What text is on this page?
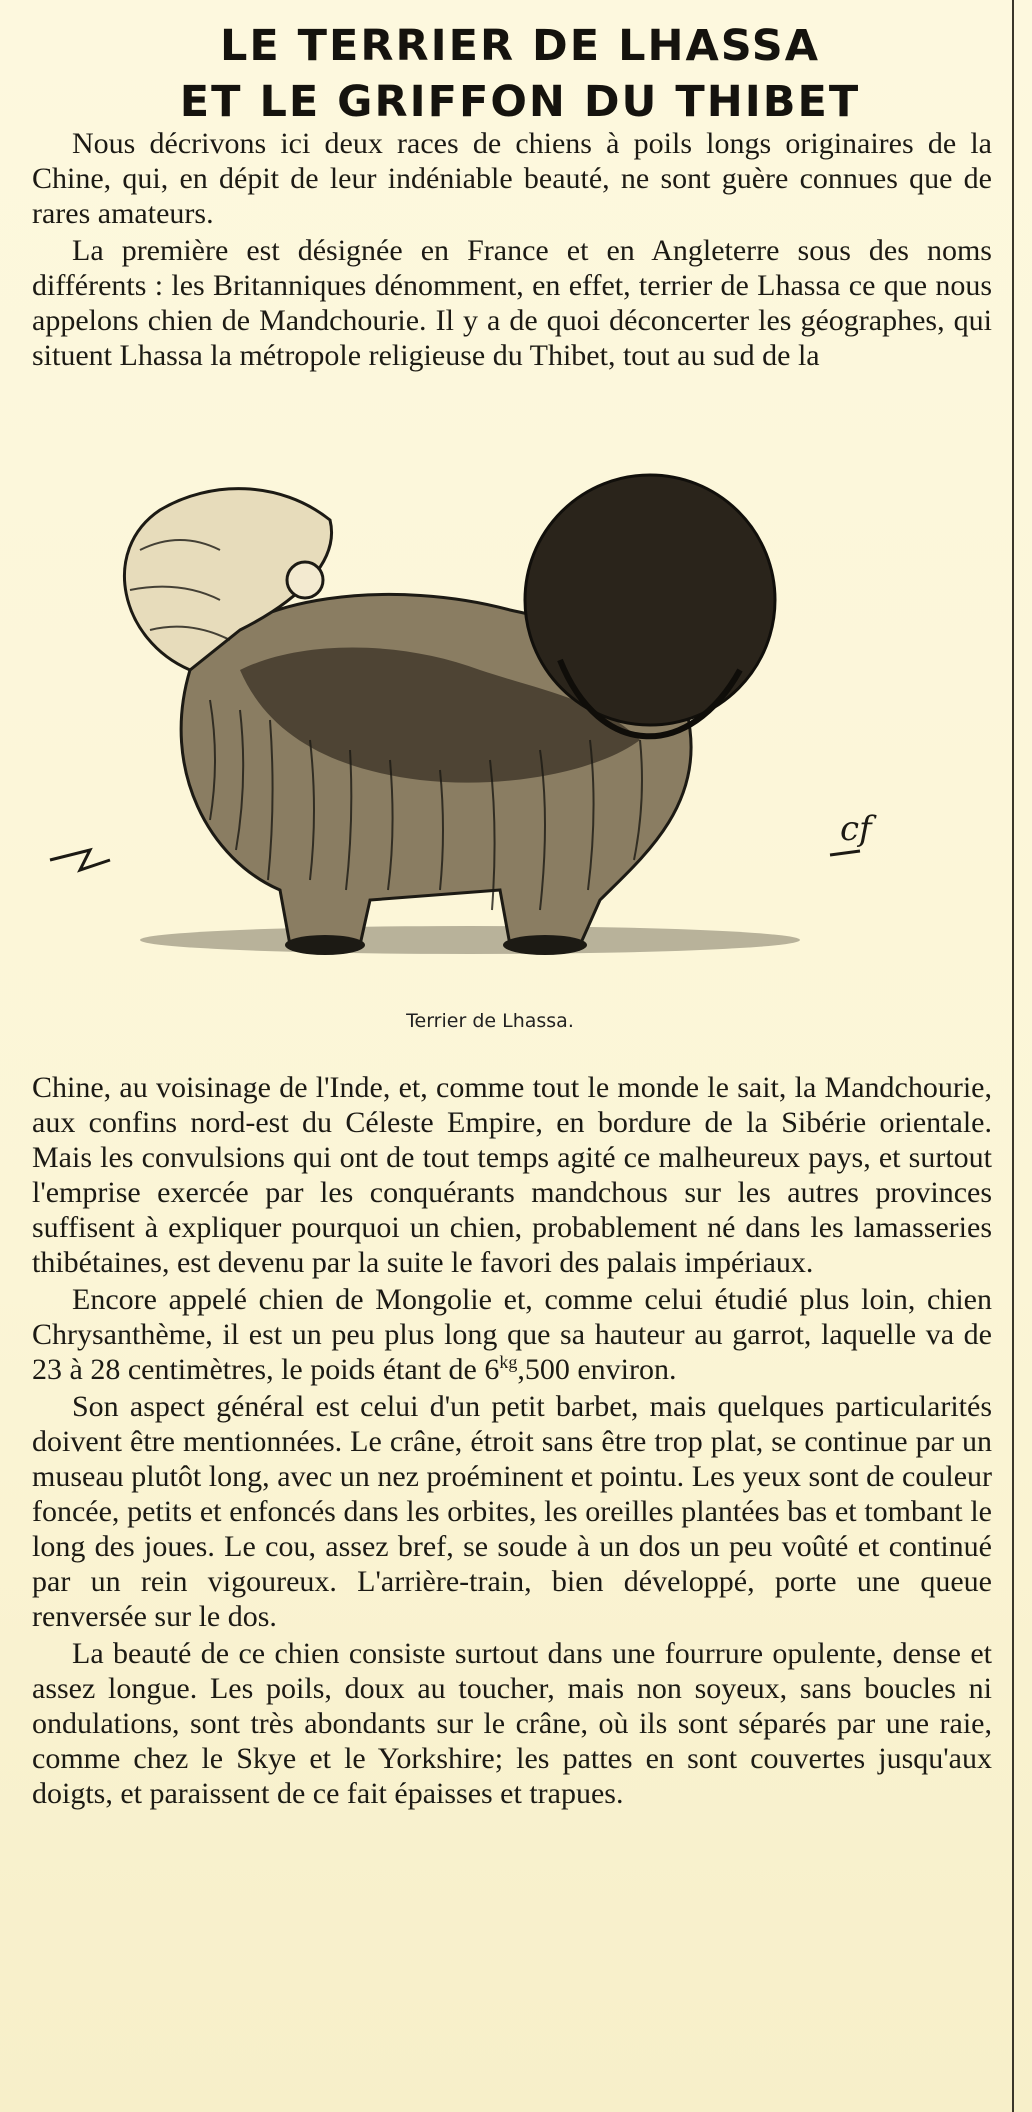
LE TERRIER DE LHASSA
ET LE GRIFFON DU THIBET

Nous décrivons ici deux races de chiens à poils longs originaires de la Chine, qui, en dépit de leur indéniable beauté, ne sont guère connues que de rares amateurs.

La première est désignée en France et en Angleterre sous des noms différents : les Britanniques dénomment, en effet, terrier de Lhassa ce que nous appelons chien de Mandchourie. Il y a de quoi déconcerter les géographes, qui situent Lhassa la métropole religieuse du Thibet, tout au sud de la

cf
Terrier de Lhassa.

Chine, au voisinage de l'Inde, et, comme tout le monde le sait, la Mandchourie, aux confins nord-est du Céleste Empire, en bordure de la Sibérie orientale. Mais les convulsions qui ont de tout temps agité ce malheureux pays, et surtout l'emprise exercée par les conquérants mandchous sur les autres provinces suffisent à expliquer pourquoi un chien, probablement né dans les lamasseries thibétaines, est devenu par la suite le favori des palais impériaux.

Encore appelé chien de Mongolie et, comme celui étudié plus loin, chien Chrysanthème, il est un peu plus long que sa hauteur au garrot, laquelle va de 23 à 28 centimètres, le poids étant de $6^{kg},500$ environ.

Son aspect général est celui d'un petit barbet, mais quelques particularités doivent être mentionnées. Le crâne, étroit sans être trop plat, se continue par un museau plutôt long, avec un nez proéminent et pointu. Les yeux sont de couleur foncée, petits et enfoncés dans les orbites, les oreilles plantées bas et tombant le long des joues. Le cou, assez bref, se soude à un dos un peu voûté et continué par un rein vigoureux. L'arrière-train, bien développé, porte une queue renversée sur le dos.

La beauté de ce chien consiste surtout dans une fourrure opulente, dense et assez longue. Les poils, doux au toucher, mais non soyeux, sans boucles ni ondulations, sont très abondants sur le crâne, où ils sont séparés par une raie, comme chez le Skye et le Yorkshire; les pattes en sont couvertes jusqu'aux doigts, et paraissent de ce fait épaisses et trapues.
